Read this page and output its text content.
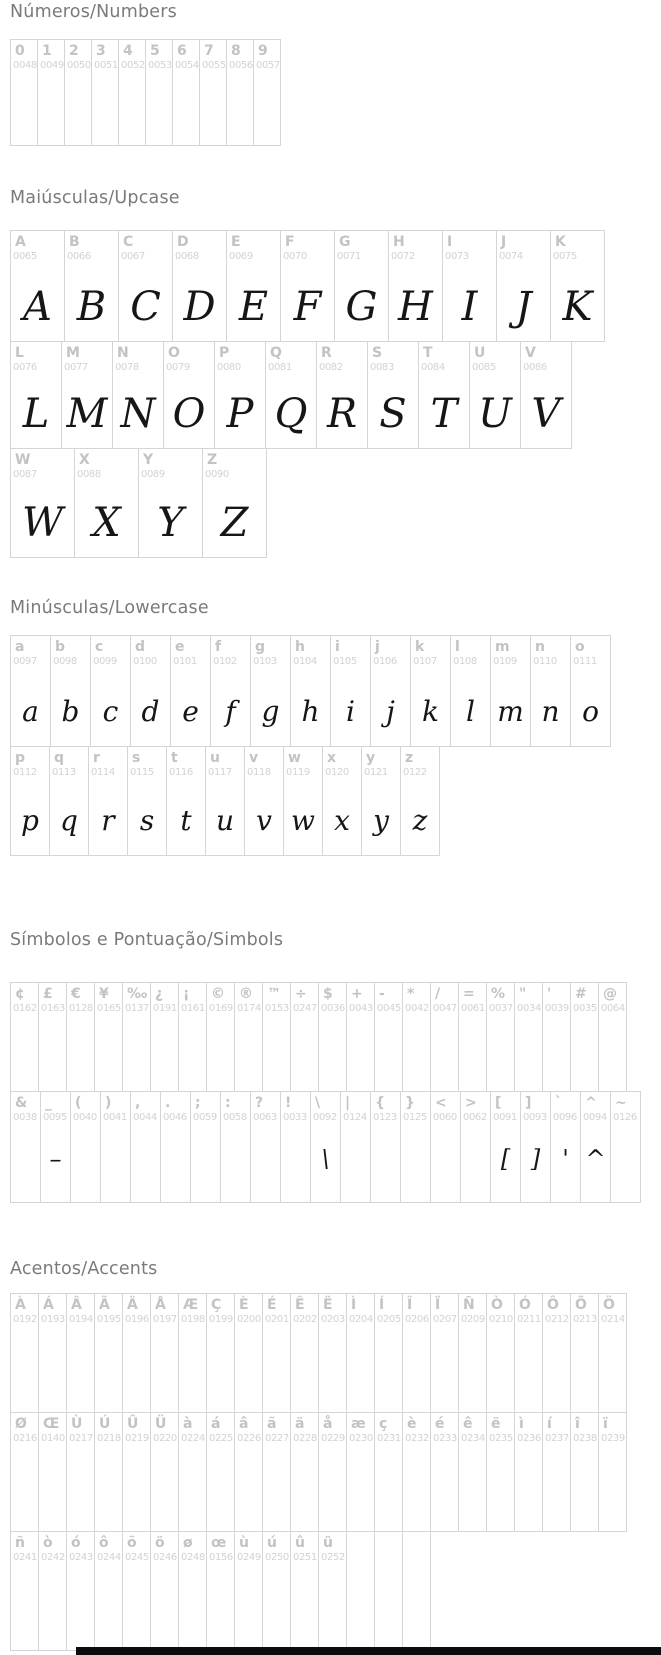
Números/Numbers
0
0048
1
0049
2
0050
3
0051
4
0052
5
0053
6
0054
7
0055
8
0056
9
0057
Maiúsculas/Upcase
A
0065
A
B
0066
B
C
0067
C
D
0068
D
E
0069
E
F
0070
F
G
0071
G
H
0072
H
I
0073
I
J
0074
J
K
0075
K
L
0076
L
M
0077
M
N
0078
N
O
0079
O
P
0080
P
Q
0081
Q
R
0082
R
S
0083
S
T
0084
T
U
0085
U
V
0086
V
W
0087
W
X
0088
X
Y
0089
Y
Z
0090
Z
Minúsculas/Lowercase
a
0097
a
b
0098
b
c
0099
c
d
0100
d
e
0101
e
f
0102
f
g
0103
g
h
0104
h
i
0105
i
j
0106
j
k
0107
k
l
0108
l
m
0109
m
n
0110
n
o
0111
o
p
0112
p
q
0113
q
r
0114
r
s
0115
s
t
0116
t
u
0117
u
v
0118
v
w
0119
w
x
0120
x
y
0121
y
z
0122
z
Símbolos e Pontuação/Simbols
¢
0162
£
0163
€
0128
¥
0165
‰
0137
¿
0191
¡
0161
©
0169
®
0174
™
0153
÷
0247
$
0036
+
0043
-
0045
*
0042
/
0047
=
0061
%
0037
"
0034
'
0039
#
0035
@
0064
&
0038
_
0095
–
(
0040
)
0041
,
0044
.
0046
;
0059
:
0058
?
0063
!
0033
\
0092
\
|
0124
{
0123
}
0125
<
0060
>
0062
[
0091
[
]
0093
]
`
0096
'
^
0094
^
~
0126
Acentos/Accents
À
0192
Á
0193
Â
0194
Ã
0195
Ä
0196
Å
0197
Æ
0198
Ç
0199
È
0200
É
0201
Ê
0202
Ë
0203
Ì
0204
Í
0205
Î
0206
Ï
0207
Ñ
0209
Ò
0210
Ó
0211
Ô
0212
Õ
0213
Ö
0214
Ø
0216
Œ
0140
Ù
0217
Ú
0218
Û
0219
Ü
0220
à
0224
á
0225
â
0226
ã
0227
ä
0228
å
0229
æ
0230
ç
0231
è
0232
é
0233
ê
0234
ë
0235
ì
0236
í
0237
î
0238
ï
0239
ñ
0241
ò
0242
ó
0243
ô
0244
õ
0245
ö
0246
ø
0248
œ
0156
ù
0249
ú
0250
û
0251
ü
0252
